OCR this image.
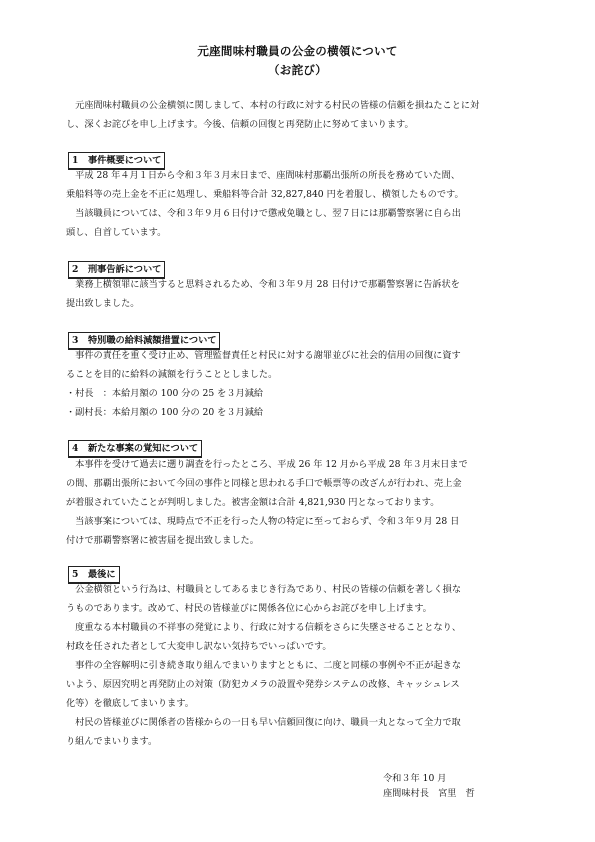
元座間味村職員の公金の横領について
（お詫び）
　元座間味村職員の公金横領に関しまして、本村の行政に対する村民の皆様の信頼を損ねたことに対
し、深くお詫びを申し上げます。今後、信頼の回復と再発防止に努めてまいります。
1 事件概要について
　平成 28 年４月１日から令和３年３月末日まで、座間味村那覇出張所の所長を務めていた間、
乗船料等の売上金を不正に処理し、乗船料等合計 32,827,840 円を着服し、横領したものです。
　当該職員については、令和３年９月６日付けで懲戒免職とし、翌７日には那覇警察署に自ら出
頭し、自首しています。
2 刑事告訴について
　業務上横領罪に該当すると思料されるため、令和３年９月 28 日付けで那覇警察署に告訴状を
提出致しました。
3 特別職の給料減額措置について
　事件の責任を重く受け止め、管理監督責任と村民に対する謝罪並びに社会的信用の回復に資す
ることを目的に給料の減額を行うこととしました。
・村長　：本給月額の 100 分の 25 を３月減給
・副村長：本給月額の 100 分の 20 を３月減給
4 新たな事案の覚知について
　本事件を受けて過去に遡り調査を行ったところ、平成 26 年 12 月から平成 28 年３月末日まで
の間、那覇出張所において今回の事件と同様と思われる手口で帳票等の改ざんが行われ、売上金
が着服されていたことが判明しました。被害金額は合計 4,821,930 円となっております。
　当該事案については、現時点で不正を行った人物の特定に至っておらず、令和３年９月 28 日
付けで那覇警察署に被害届を提出致しました。
5 最後に
　公金横領という行為は、村職員としてあるまじき行為であり、村民の皆様の信頼を著しく損な
うものであります。改めて、村民の皆様並びに関係各位に心からお詫びを申し上げます。
　度重なる本村職員の不祥事の発覚により、行政に対する信頼をさらに失墜させることとなり、
村政を任された者として大変申し訳ない気持ちでいっぱいです。
　事件の全容解明に引き続き取り組んでまいりますとともに、二度と同様の事例や不正が起きな
いよう、原因究明と再発防止の対策（防犯カメラの設置や発券システムの改修、キャッシュレス
化等）を徹底してまいります。
　村民の皆様並びに関係者の皆様からの一日も早い信頼回復に向け、職員一丸となって全力で取
り組んでまいります。
令和３年 10 月
座間味村長　宮里　哲
